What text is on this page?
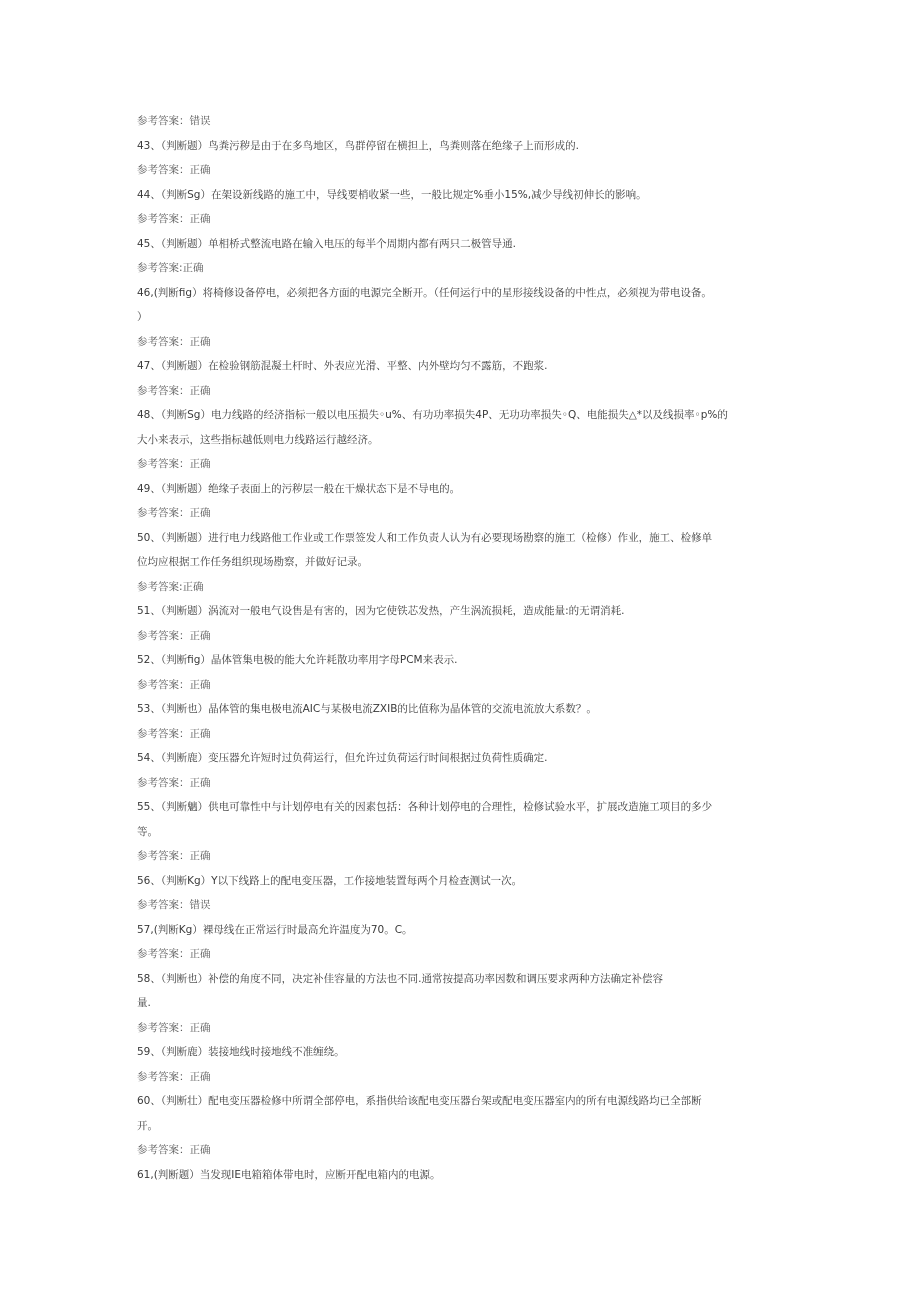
参考答案：错误
43、（判断题）鸟粪污秽是由于在多鸟地区，鸟群停留在横担上，鸟粪则落在绝缘子上而形成的.
参考答案：正确
44、（判断Sg）在架设新线路的施工中，导线要梢收紧一些，一般比规定%垂小15%,减少导线初伸长的影响。
参考答案：正确
45、（判断题）单相桥式整流电路在输入电压的每半个周期内都有两只二极管导通.
参考答案:正确
46,(判断fig）将椅修设备停电，必须把各方面的电源完全断开。（任何运行中的星形接线设备的中性点，必须视为带电设备。
）
参考答案：正确
47、（判断题）在检验钢筋混凝土杆时、外表应光滑、平整、内外壁均匀不露筋，不跑浆.
参考答案：正确
48、（判断Sg）电力线路的经济指标一般以电压损失◦u%、有功功率损失4P、无功功率损失◦Q、电能损失△*以及线损率◦p%的
大小来表示，这些指标越低则电力线路运行越经济。
参考答案：正确
49、（判断题）绝缘子表面上的污秽层一般在干燥状态下是不导电的。
参考答案：正确
50、（判断题）进行电力线路他工作业或工作票签发人和工作负责人认为有必要现场勘察的施工（检修）作业，施工、检修单
位均应根据工作任务组织现场勘察，并做好记录。
参考答案:正确
51、（判断题）涡流对一般电气设售是有害的，因为它使铁芯发热，产生涡流损耗，造成能量:的无谓消耗.
参考答案：正确
52、（判断fig）晶体管集电极的能大允许耗散功率用字母PCM来表示.
参考答案：正确
53、（判断也）晶体管的集电极电流AIC与某极电流ZXIB的比值称为晶体管的交流电流放大系数？。
参考答案：正确
54、（判断鹿）变压器允许短时过负荷运行，但允许过负荷运行时间根据过负荷性质确定.
参考答案：正确
55、（判断魑）供电可靠性中与计划停电有关的因素包括：各种计划停电的合理性，检修试验水平，扩展改造施工项目的多少
等。
参考答案：正确
56、（判断Kg）Y以下线路上的配电变压器，工作接地装置每两个月检查测试一次。
参考答案：错误
57,(判断Kg）裸母线在正常运行时最高允许温度为70。C。
参考答案：正确
58、（判断也）补偿的角度不同，决定补佳容量的方法也不同.通常按提高功率因数和调压要求两种方法确定补偿容
量.
参考答案：正确
59、（判断鹿）装接地线时接地线不准缠绕。
参考答案：正确
60、（判断壮）配电变压器检修中所谓全部停电，系指供给该配电变压器台架或配电变压器室内的所有电源线路均已全部断
开。
参考答案：正确
61,(判断题）当发现IE电箱箱体带电时，应断开配电箱内的电源。
